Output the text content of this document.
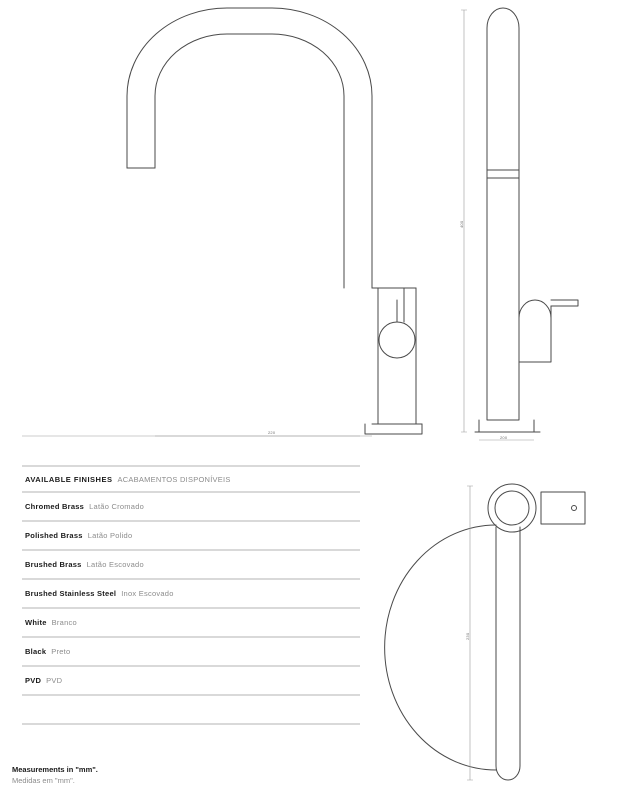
220
400
200
230
AVAILABLE FINISHES ACABAMENTOS DISPONÍVEIS
Chromed Brass Latão Cromado
Polished Brass Latão Polido
Brushed Brass Latão Escovado
Brushed Stainless Steel Inox Escovado
White Branco
Black Preto
PVD PVD
Measurements in "mm".
Medidas em "mm".
